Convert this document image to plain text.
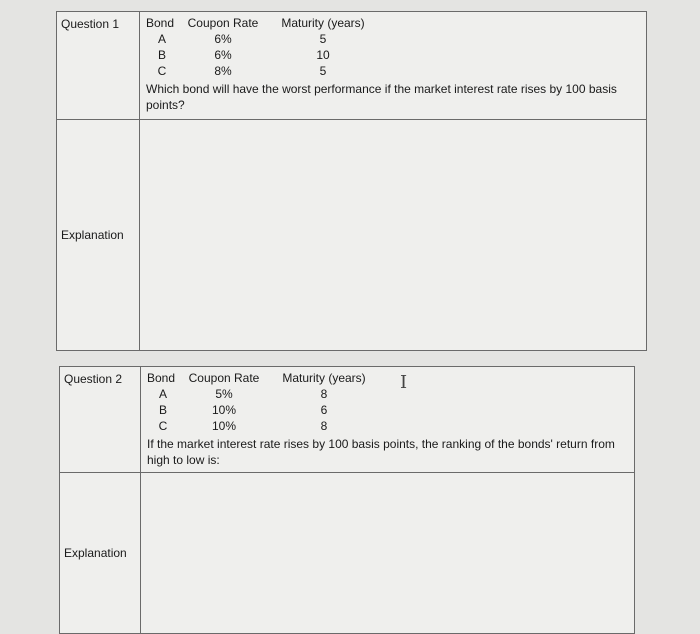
Question 1	Bond	Coupon Rate	Maturity (years)
A	6%	5
B	6%	10
C	8%	5
Which bond will have the worst performance if the market interest rate rises by 100 basis points?

Explanation	
Question 2	Bond	Coupon Rate	Maturity (years)
A	5%	8
B	10%	6
C	10%	8
If the market interest rate rises by 100 basis points, the ranking of the bonds' return from high to low is:

Explanation	
I
